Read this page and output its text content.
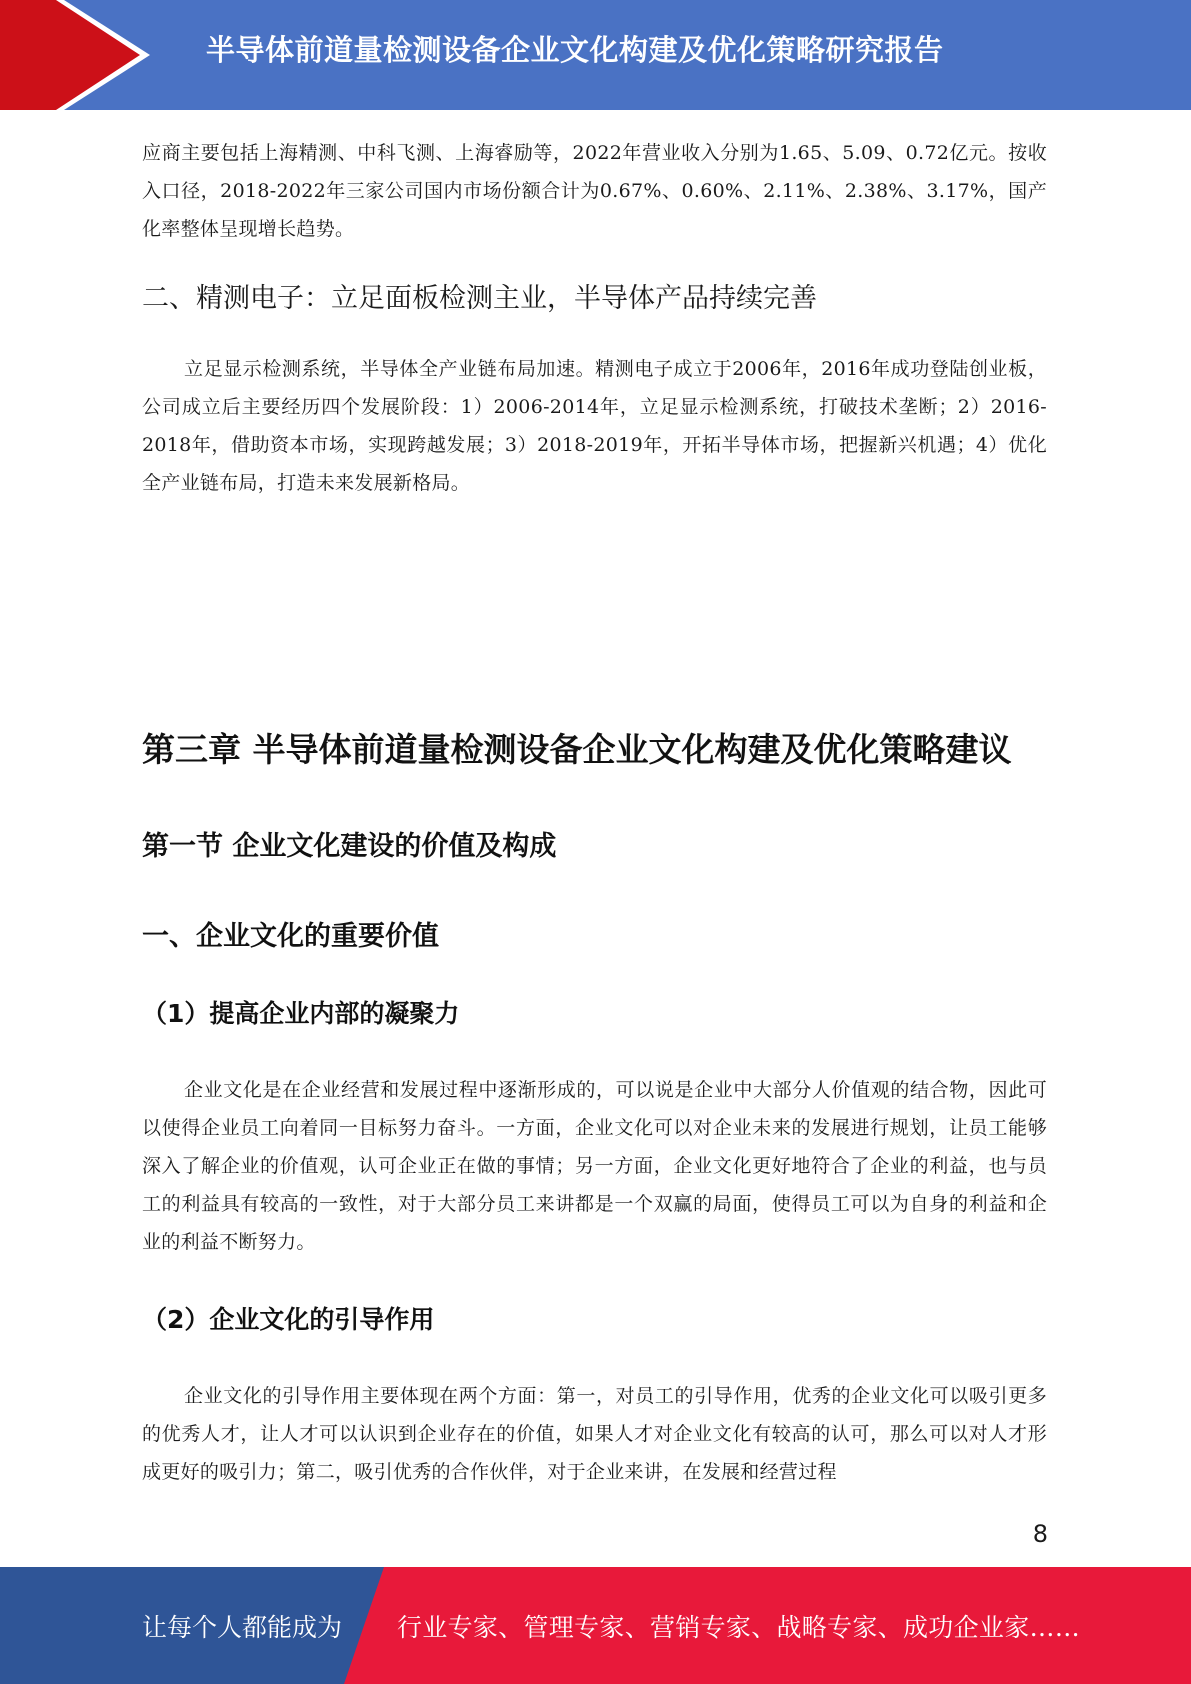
半导体前道量检测设备企业文化构建及优化策略研究报告

应商主要包括上海精测、中科飞测、上海睿励等，2022年营业收入分别为1.65、5.09、0.72亿元。按收入口径，2018-2022年三家公司国内市场份额合计为0.67%、0.60%、2.11%、2.38%、3.17%，国产化率整体呈现增长趋势。

二、精测电子：立足面板检测主业，半导体产品持续完善

立足显示检测系统，半导体全产业链布局加速。精测电子成立于2006年，2016年成功登陆创业板，公司成立后主要经历四个发展阶段：1）2006-2014年，立足显示检测系统，打破技术垄断；2）2016-2018年，借助资本市场，实现跨越发展；3）2018-2019年，开拓半导体市场，把握新兴机遇；4）优化全产业链布局，打造未来发展新格局。

第三章 半导体前道量检测设备企业文化构建及优化策略建议
第一节 企业文化建设的价值及构成
一、企业文化的重要价值
（1）提高企业内部的凝聚力

企业文化是在企业经营和发展过程中逐渐形成的，可以说是企业中大部分人价值观的结合物，因此可以使得企业员工向着同一目标努力奋斗。一方面，企业文化可以对企业未来的发展进行规划，让员工能够深入了解企业的价值观，认可企业正在做的事情；另一方面，企业文化更好地符合了企业的利益，也与员工的利益具有较高的一致性，对于大部分员工来讲都是一个双赢的局面，使得员工可以为自身的利益和企业的利益不断努力。

（2）企业文化的引导作用

企业文化的引导作用主要体现在两个方面：第一，对员工的引导作用，优秀的企业文化可以吸引更多的优秀人才，让人才可以认识到企业存在的价值，如果人才对企业文化有较高的认可，那么可以对人才形成更好的吸引力；第二，吸引优秀的合作伙伴，对于企业来讲，在发展和经营过程

8
让每个人都能成为 行业专家、管理专家、营销专家、战略专家、成功企业家……
